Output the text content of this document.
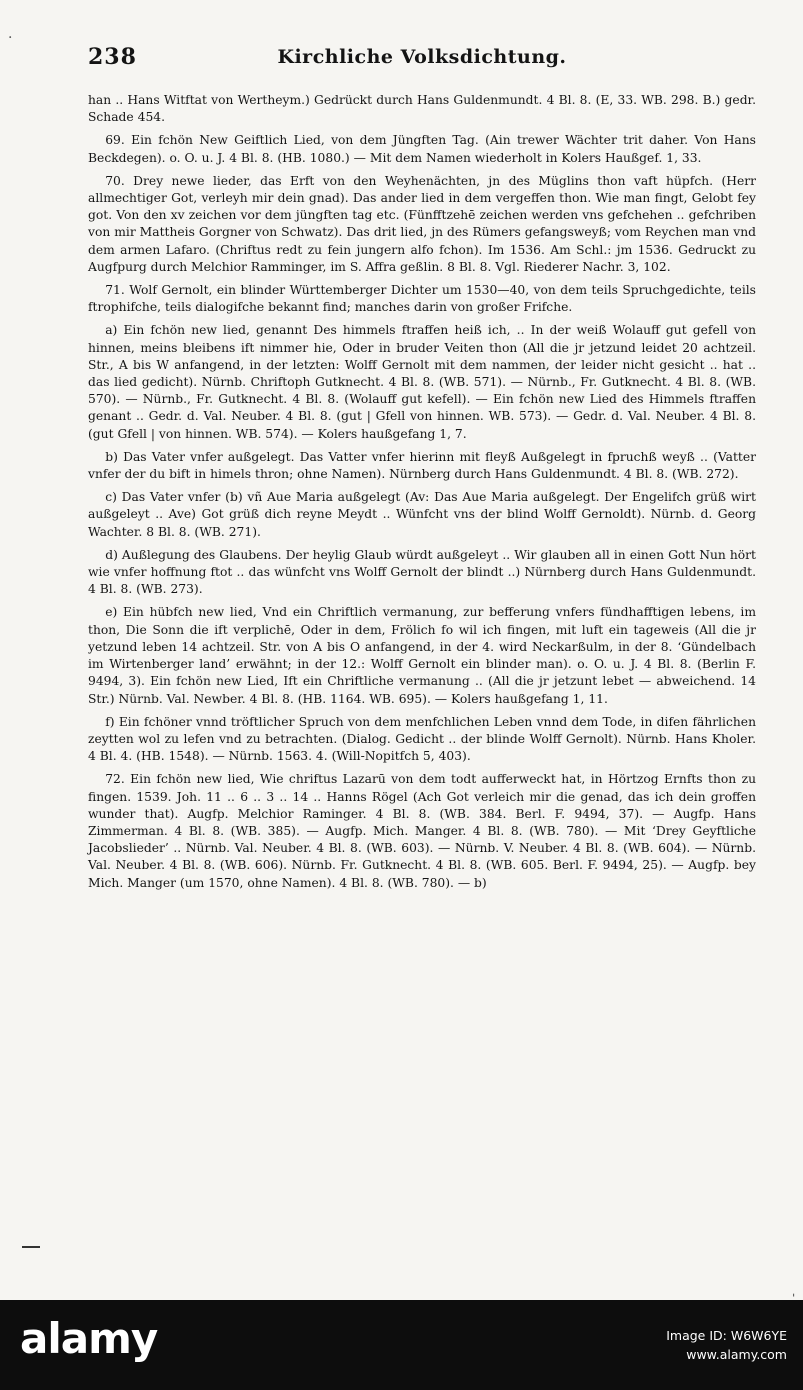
·
238	Kirchliche Volksdichtung.

han .. Hans Witftat von Wertheym.) Gedrückt durch Hans Guldenmundt. 4 Bl. 8. (E, 33. WB. 298. B.) gedr. Schade 454.

69. Ein fchön New Geiftlich Lied, von dem Jüngften Tag. (Ain trewer Wächter trit daher. Von Hans Beckdegen). o. O. u. J. 4 Bl. 8. (HB. 1080.) — Mit dem Namen wiederholt in Kolers Haußgef. 1, 33.

70. Drey newe lieder, das Erft von den Weyhenächten, jn des Müglins thon vaft hüpfch. (Herr allmechtiger Got, verleyh mir dein gnad). Das ander lied in dem vergeffen thon. Wie man fingt, Gelobt fey got. Von den xv zeichen vor dem jüngften tag etc. (Fünfftzehē zeichen werden vns gefchehen .. gefchriben von mir Mattheis Gorgner von Schwatz). Das drit lied, jn des Rümers gefangsweyß; vom Reychen man vnd dem armen Lafaro. (Chriftus redt zu fein jungern alfo fchon). Im 1536. Am Schl.: jm 1536. Gedruckt zu Augfpurg durch Melchior Ramminger, im S. Affra geßlin. 8 Bl. 8. Vgl. Riederer Nachr. 3, 102.

71. Wolf Gernolt, ein blinder Württemberger Dichter um 1530—40, von dem teils Spruchgedichte, teils ftrophifche, teils dialogifche bekannt find; manches darin von großer Frifche.

a) Ein fchön new lied, genannt Des himmels ftraffen heiß ich, .. In der weiß Wolauff gut gefell von hinnen, meins bleibens ift nimmer hie, Oder in bruder Veiten thon (All die jr jetzund leidet 20 achtzeil. Str., A bis W anfangend, in der letzten: Wolff Gernolt mit dem nammen, der leider nicht gesicht .. hat .. das lied gedicht). Nürnb. Chriftoph Gutknecht. 4 Bl. 8. (WB. 571). — Nürnb., Fr. Gutknecht. 4 Bl. 8. (WB. 570). — Nürnb., Fr. Gutknecht. 4 Bl. 8. (Wolauff gut kefell). — Ein fchön new Lied des Himmels ftraffen genant .. Gedr. d. Val. Neuber. 4 Bl. 8. (gut | Gfell von hinnen. WB. 573). — Gedr. d. Val. Neuber. 4 Bl. 8. (gut Gfell | von hinnen. WB. 574). — Kolers haußgefang 1, 7.

b) Das Vater vnfer außgelegt. Das Vatter vnfer hierinn mit fleyß Außgelegt in fpruchß weyß .. (Vatter vnfer der du bift in himels thron; ohne Namen). Nürnberg durch Hans Guldenmundt. 4 Bl. 8. (WB. 272).

c) Das Vater vnfer (b) vñ Aue Maria außgelegt (Av: Das Aue Maria außgelegt. Der Engelifch grüß wirt außgeleyt .. Ave) Got grüß dich reyne Meydt .. Wünfcht vns der blind Wolff Gernoldt). Nürnb. d. Georg Wachter. 8 Bl. 8. (WB. 271).

d) Außlegung des Glaubens. Der heylig Glaub würdt außgeleyt .. Wir glauben all in einen Gott Nun hört wie vnfer hoffnung ftot .. das wünfcht vns Wolff Gernolt der blindt ..) Nürnberg durch Hans Guldenmundt. 4 Bl. 8. (WB. 273).

e) Ein hübfch new lied, Vnd ein Chriftlich vermanung, zur befferung vnfers fündhafftigen lebens, im thon, Die Sonn die ift verplichē, Oder in dem, Frölich fo wil ich fingen, mit luft ein tageweis (All die jr yetzund leben 14 achtzeil. Str. von A bis O anfangend, in der 4. wird Neckarßulm, in der 8. ‘Gündelbach im Wirtenberger land’ erwähnt; in der 12.: Wolff Gernolt ein blinder man). o. O. u. J. 4 Bl. 8. (Berlin F. 9494, 3). Ein fchön new Lied, Ift ein Chriftliche vermanung .. (All die jr jetzunt lebet — abweichend. 14 Str.) Nürnb. Val. Newber. 4 Bl. 8. (HB. 1164. WB. 695). — Kolers haußgefang 1, 11.

f) Ein fchöner vnnd tröftlicher Spruch von dem menfchlichen Leben vnnd dem Tode, in difen fährlichen zeytten wol zu lefen vnd zu betrachten. (Dialog. Gedicht .. der blinde Wolff Gernolt). Nürnb. Hans Kholer. 4 Bl. 4. (HB. 1548). — Nürnb. 1563. 4. (Will-Nopitfch 5, 403).

72. Ein fchön new lied, Wie chriftus Lazarū von dem todt aufferweckt hat, in Hörtzog Ernfts thon zu fingen. 1539. Joh. 11 .. 6 .. 3 .. 14 .. Hanns Rögel (Ach Got verleich mir die genad, das ich dein groffen wunder that). Augfp. Melchior Raminger. 4 Bl. 8. (WB. 384. Berl. F. 9494, 37). — Augfp. Hans Zimmerman. 4 Bl. 8. (WB. 385). — Augfp. Mich. Manger. 4 Bl. 8. (WB. 780). — Mit ‘Drey Geyftliche Jacobslieder’ .. Nürnb. Val. Neuber. 4 Bl. 8. (WB. 603). — Nürnb. V. Neuber. 4 Bl. 8. (WB. 604). — Nürnb. Val. Neuber. 4 Bl. 8. (WB. 606). Nürnb. Fr. Gutknecht. 4 Bl. 8. (WB. 605. Berl. F. 9494, 25). — Augfp. bey Mich. Manger (um 1570, ohne Namen). 4 Bl. 8. (WB. 780). — b)

ˌ
alamy	Image ID: W6W6YE
www.alamy.com
